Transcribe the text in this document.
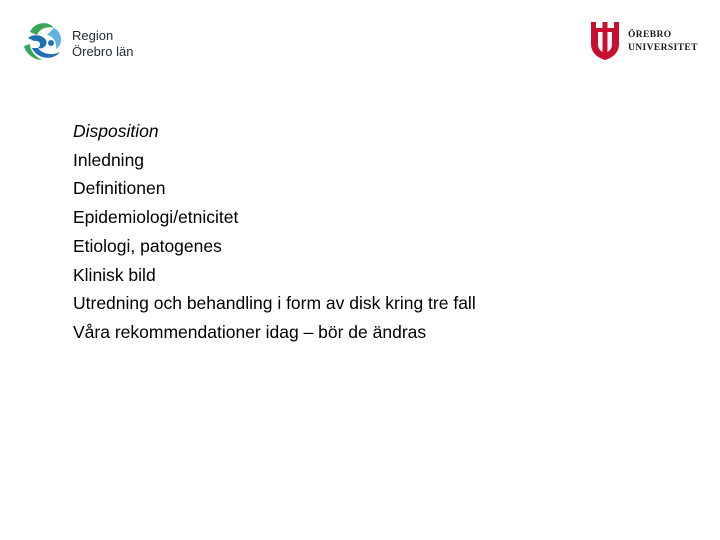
Region
Örebro län
ÖREBRO
UNIVERSITET
Disposition
Inledning
Definitionen
Epidemiologi/etnicitet
Etiologi, patogenes
Klinisk bild
Utredning och behandling i form av disk kring tre fall
Våra rekommendationer idag – bör de ändras
